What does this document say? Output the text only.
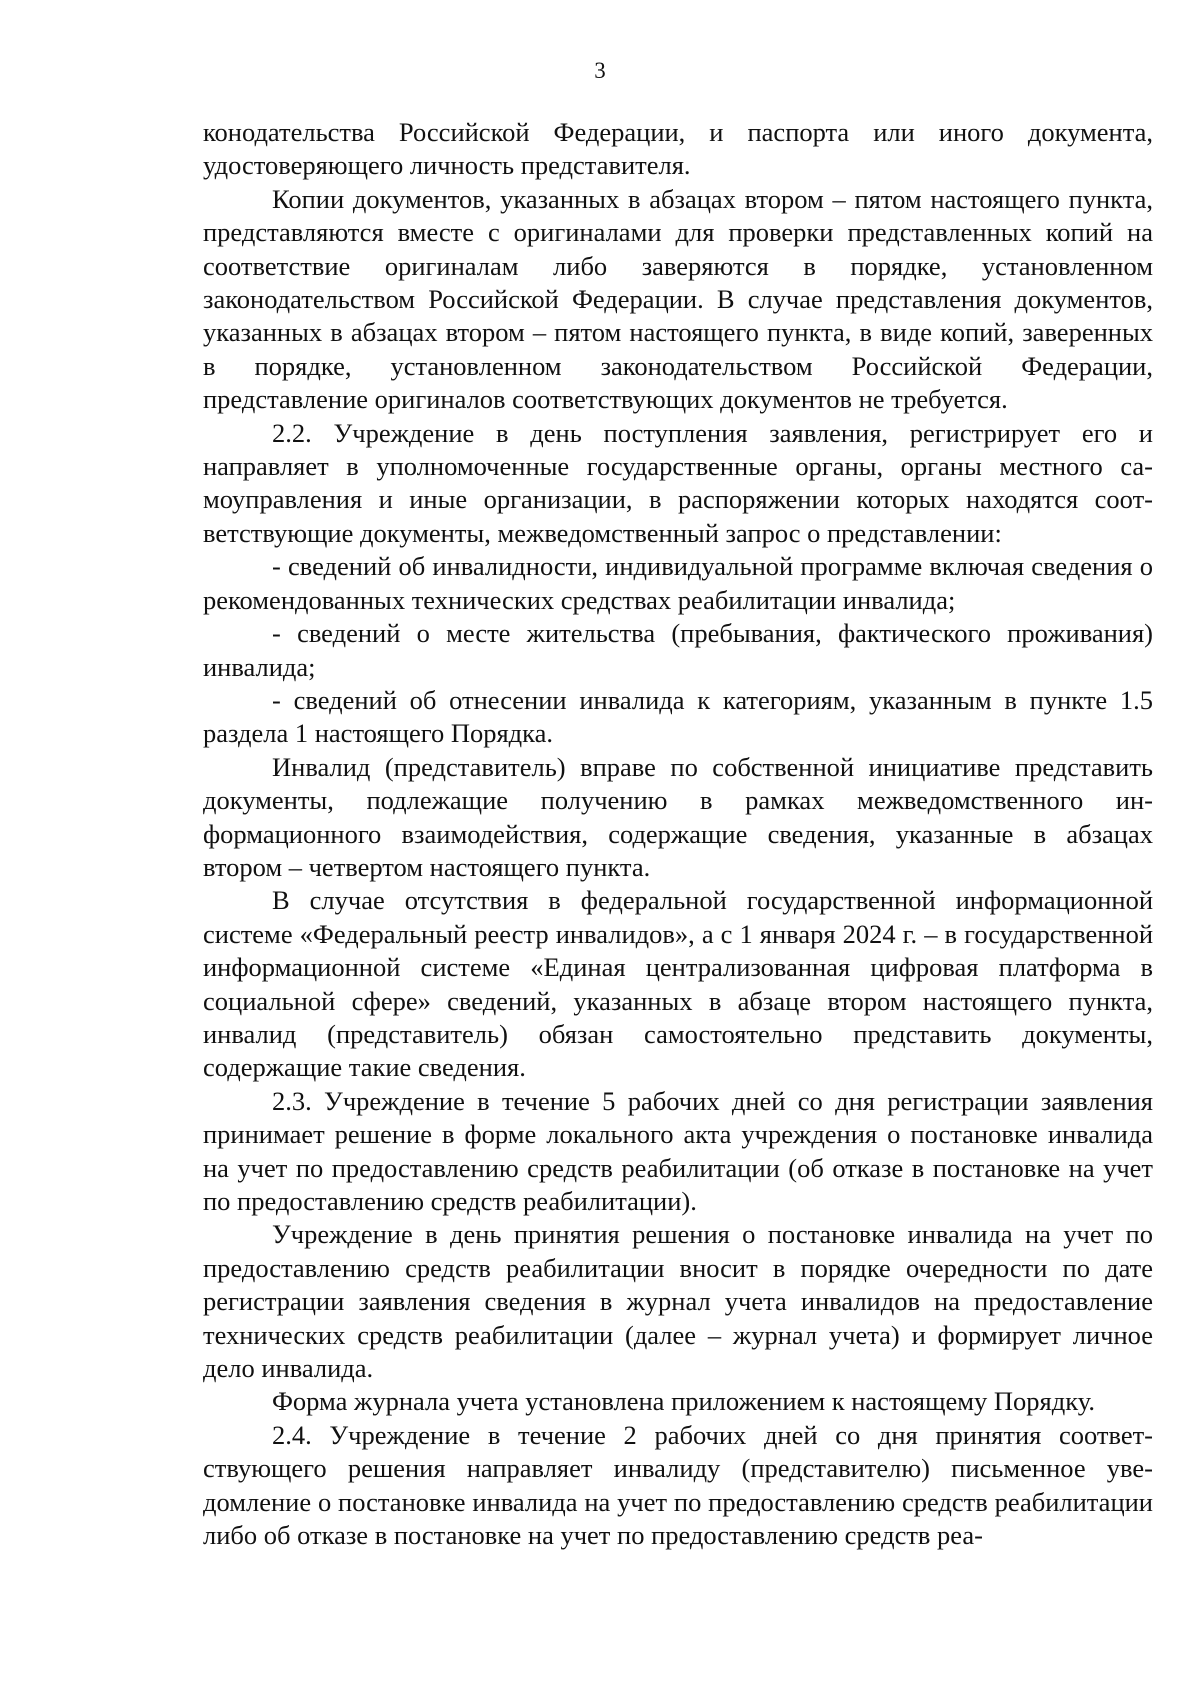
3

конодательства Российской Федерации, и паспорта или иного документа, удостоверяющего личность представителя.

Копии документов, указанных в абзацах втором – пятом настоящего пункта, представляются вместе с оригиналами для проверки представленных копий на соответствие оригиналам либо заверяются в порядке, установленном законодательством Российской Федерации. В случае представления документов, указанных в абзацах втором – пятом настоящего пункта, в виде копий, заверенных в порядке, установленном законодательством Российской Федерации, представление оригиналов соответствующих документов не требуется.

2.2. Учреждение в день поступления заявления, регистрирует его и направляет в уполномоченные государственные органы, органы местного самоуправления и иные организации, в распоряжении которых находятся соответствующие документы, межведомственный запрос о представлении:

- сведений об инвалидности, индивидуальной программе включая сведения о рекомендованных технических средствах реабилитации инвалида;

- сведений о месте жительства (пребывания, фактического проживания) инвалида;

- сведений об отнесении инвалида к категориям, указанным в пункте 1.5 раздела 1 настоящего Порядка.

Инвалид (представитель) вправе по собственной инициативе представить документы, подлежащие получению в рамках межведомственного информационного взаимодействия, содержащие сведения, указанные в абзацах втором – четвертом настоящего пункта.

В случае отсутствия в федеральной государственной информационной системе «Федеральный реестр инвалидов», а с 1 января 2024 г. – в государственной информационной системе «Единая централизованная цифровая платформа в социальной сфере» сведений, указанных в абзаце втором настоящего пункта, инвалид (представитель) обязан самостоятельно представить документы, содержащие такие сведения.

2.3. Учреждение в течение 5 рабочих дней со дня регистрации заявления принимает решение в форме локального акта учреждения о постановке инвалида на учет по предоставлению средств реабилитации (об отказе в постановке на учет по предоставлению средств реабилитации).

Учреждение в день принятия решения о постановке инвалида на учет по предоставлению средств реабилитации вносит в порядке очередности по дате регистрации заявления сведения в журнал учета инвалидов на предоставление технических средств реабилитации (далее – журнал учета) и формирует личное дело инвалида.

Форма журнала учета установлена приложением к настоящему Порядку.

2.4. Учреждение в течение 2 рабочих дней со дня принятия соответствующего решения направляет инвалиду (представителю) письменное уведомление о постановке инвалида на учет по предоставлению средств реабилитации либо об отказе в постановке на учет по предоставлению средств реа-
